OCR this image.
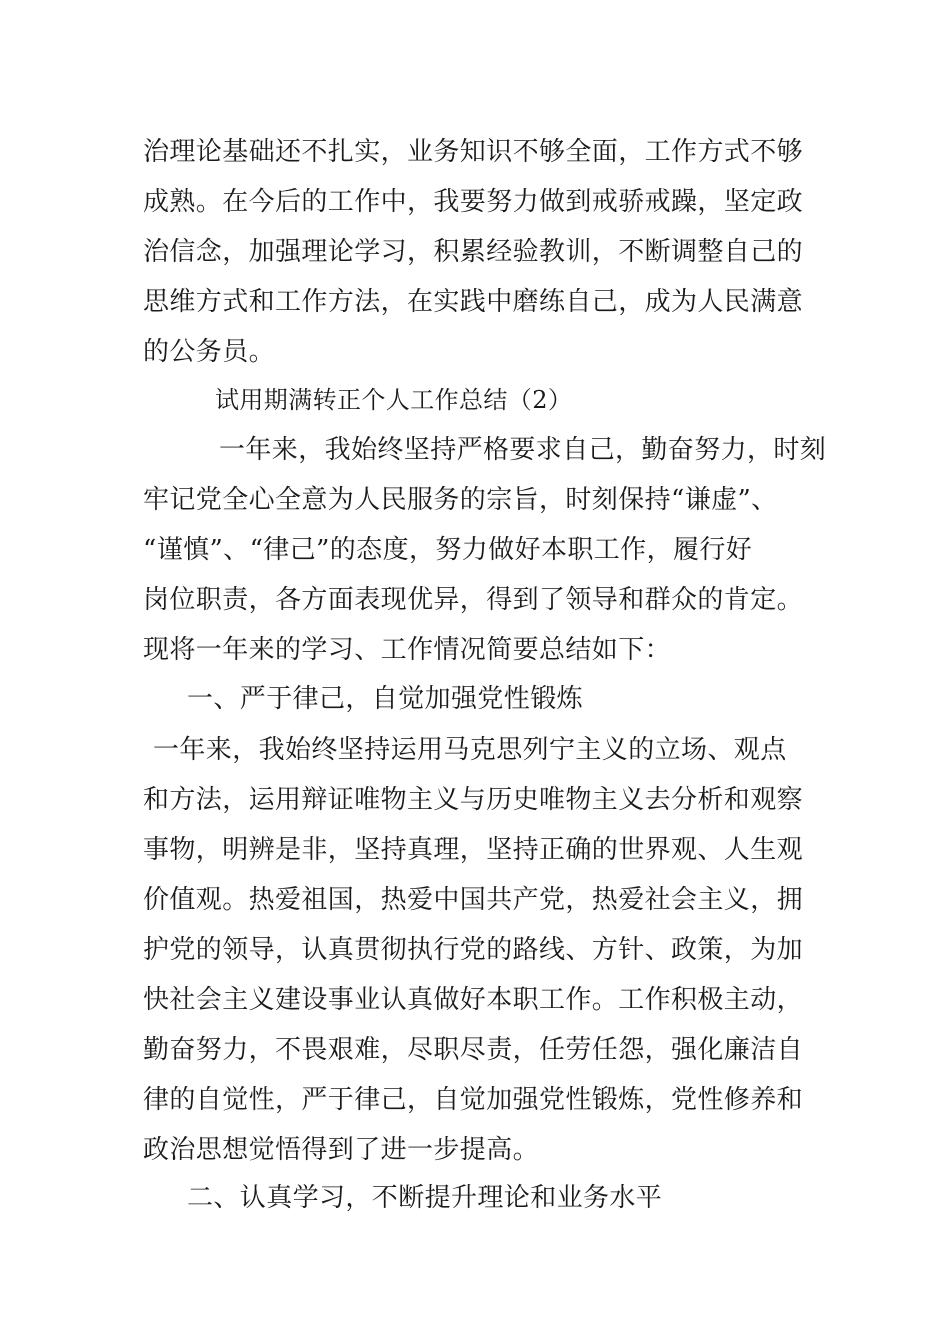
治理论基础还不扎实，业务知识不够全面，工作方式不够
成熟。在今后的工作中，我要努力做到戒骄戒躁，坚定政
治信念，加强理论学习，积累经验教训，不断调整自己的
思维方式和工作方法，在实践中磨练自己，成为人民满意
的公务员。
试用期满转正个人工作总结（2）
一年来，我始终坚持严格要求自己，勤奋努力，时刻
牢记党全心全意为人民服务的宗旨，时刻保持“谦虚”、
“谨慎”、“律己”的态度，努力做好本职工作，履行好
岗位职责，各方面表现优异，得到了领导和群众的肯定。
现将一年来的学习、工作情况简要总结如下：
一、严于律己，自觉加强党性锻炼
一年来，我始终坚持运用马克思列宁主义的立场、观点
和方法，运用辩证唯物主义与历史唯物主义去分析和观察
事物，明辨是非，坚持真理，坚持正确的世界观、人生观
价值观。热爱祖国，热爱中国共产党，热爱社会主义，拥
护党的领导，认真贯彻执行党的路线、方针、政策，为加
快社会主义建设事业认真做好本职工作。工作积极主动，
勤奋努力，不畏艰难，尽职尽责，任劳任怨，强化廉洁自
律的自觉性，严于律己，自觉加强党性锻炼，党性修养和
政治思想觉悟得到了进一步提高。
二、认真学习，不断提升理论和业务水平
